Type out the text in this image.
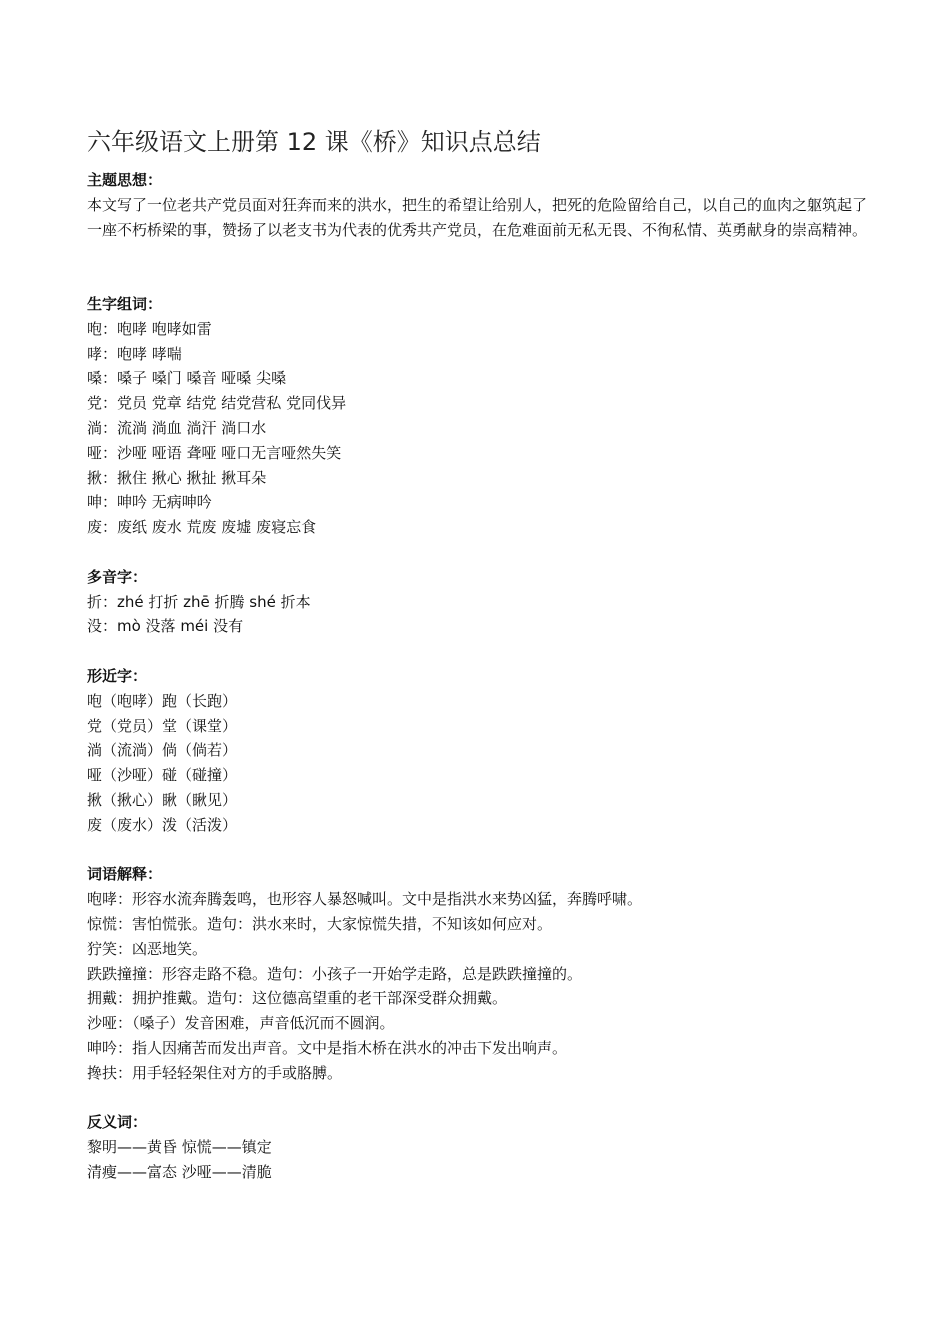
六年级语文上册第 12 课《桥》知识点总结

主题思想：

本文写了一位老共产党员面对狂奔而来的洪水，把生的希望让给别人，把死的危险留给自己，以自己的血肉之躯筑起了一座不朽桥梁的事，赞扬了以老支书为代表的优秀共产党员，在危难面前无私无畏、不徇私情、英勇献身的崇高精神。

生字组词：

咆：咆哮 咆哮如雷

哮：咆哮 哮喘

嗓：嗓子 嗓门 嗓音 哑嗓 尖嗓

党：党员 党章 结党 结党营私 党同伐异

淌：流淌 淌血 淌汗 淌口水

哑：沙哑 哑语 聋哑 哑口无言哑然失笑

揪：揪住 揪心 揪扯 揪耳朵

呻：呻吟 无病呻吟

废：废纸 废水 荒废 废墟 废寝忘食

多音字：

折：zhé 打折 zhē 折腾 shé 折本

没：mò 没落 méi 没有

形近字：

咆（咆哮）跑（长跑）

党（党员）堂（课堂）

淌（流淌）倘（倘若）

哑（沙哑）碰（碰撞）

揪（揪心）瞅（瞅见）

废（废水）泼（活泼）

词语解释：

咆哮：形容水流奔腾轰鸣，也形容人暴怒喊叫。文中是指洪水来势凶猛，奔腾呼啸。

惊慌：害怕慌张。造句：洪水来时，大家惊慌失措，不知该如何应对。

狞笑：凶恶地笑。

跌跌撞撞：形容走路不稳。造句：小孩子一开始学走路，总是跌跌撞撞的。

拥戴：拥护推戴。造句：这位德高望重的老干部深受群众拥戴。

沙哑：（嗓子）发音困难，声音低沉而不圆润。

呻吟：指人因痛苦而发出声音。文中是指木桥在洪水的冲击下发出响声。

搀扶：用手轻轻架住对方的手或胳膊。

反义词：

黎明——黄昏 惊慌——镇定

清瘦——富态 沙哑——清脆
